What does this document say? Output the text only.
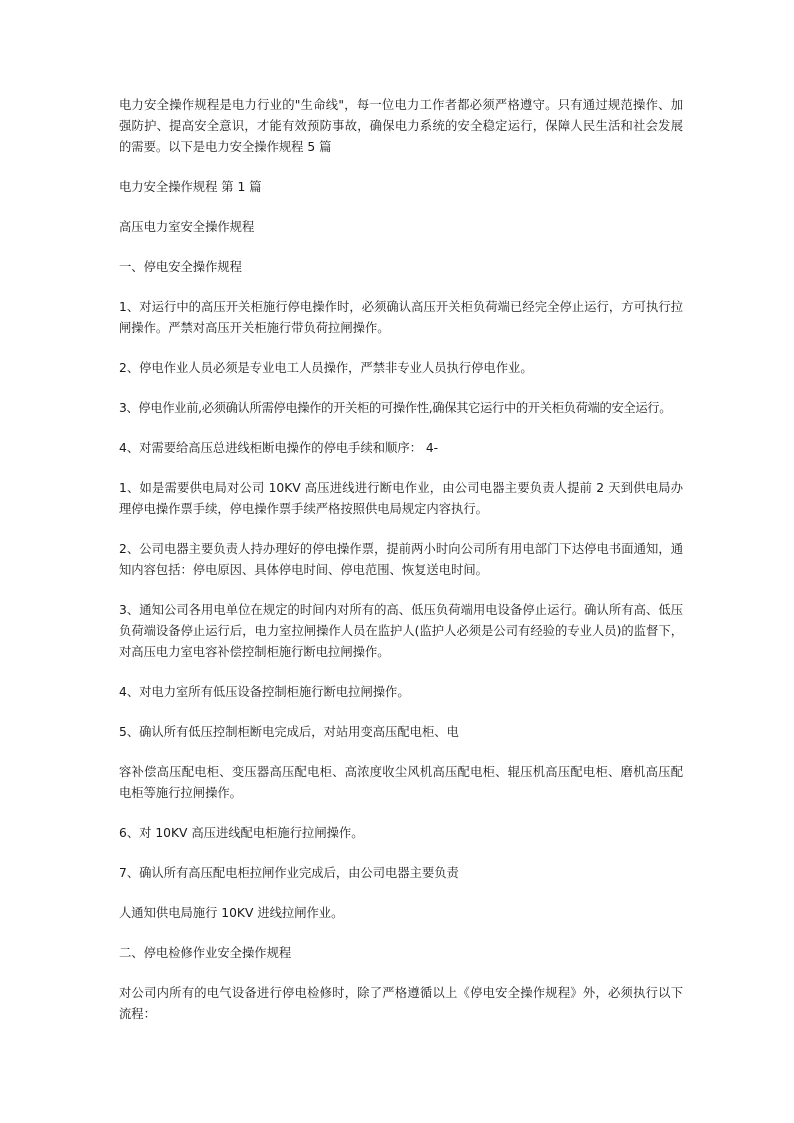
电力安全操作规程是电力行业的"生命线"，每一位电力工作者都必须严格遵守。只有通过规范操作、加强防护、提高安全意识，才能有效预防事故，确保电力系统的安全稳定运行，保障人民生活和社会发展的需要。以下是电力安全操作规程 5 篇

电力安全操作规程 第 1 篇

高压电力室安全操作规程

一、停电安全操作规程

1、对运行中的高压开关柜施行停电操作时，必须确认高压开关柜负荷端已经完全停止运行，方可执行拉闸操作。严禁对高压开关柜施行带负荷拉闸操作。

2、停电作业人员必须是专业电工人员操作，严禁非专业人员执行停电作业。

3、停电作业前,必须确认所需停电操作的开关柜的可操作性,确保其它运行中的开关柜负荷端的安全运行。

4、对需要给高压总进线柜断电操作的停电手续和顺序： 4-

1、如是需要供电局对公司 10KV 高压进线进行断电作业，由公司电器主要负责人提前 2 天到供电局办理停电操作票手续，停电操作票手续严格按照供电局规定内容执行。

2、公司电器主要负责人持办理好的停电操作票，提前两小时向公司所有用电部门下达停电书面通知，通知内容包括：停电原因、具体停电时间、停电范围、恢复送电时间。

3、通知公司各用电单位在规定的时间内对所有的高、低压负荷端用电设备停止运行。确认所有高、低压负荷端设备停止运行后，电力室拉闸操作人员在监护人(监护人必须是公司有经验的专业人员)的监督下，对高压电力室电容补偿控制柜施行断电拉闸操作。

4、对电力室所有低压设备控制柜施行断电拉闸操作。

5、确认所有低压控制柜断电完成后，对站用变高压配电柜、电

容补偿高压配电柜、变压器高压配电柜、高浓度收尘风机高压配电柜、辊压机高压配电柜、磨机高压配电柜等施行拉闸操作。

6、对 10KV 高压进线配电柜施行拉闸操作。

7、确认所有高压配电柜拉闸作业完成后，由公司电器主要负责

人通知供电局施行 10KV 进线拉闸作业。

二、停电检修作业安全操作规程

对公司内所有的电气设备进行停电检修时，除了严格遵循以上《停电安全操作规程》外，必须执行以下流程：
